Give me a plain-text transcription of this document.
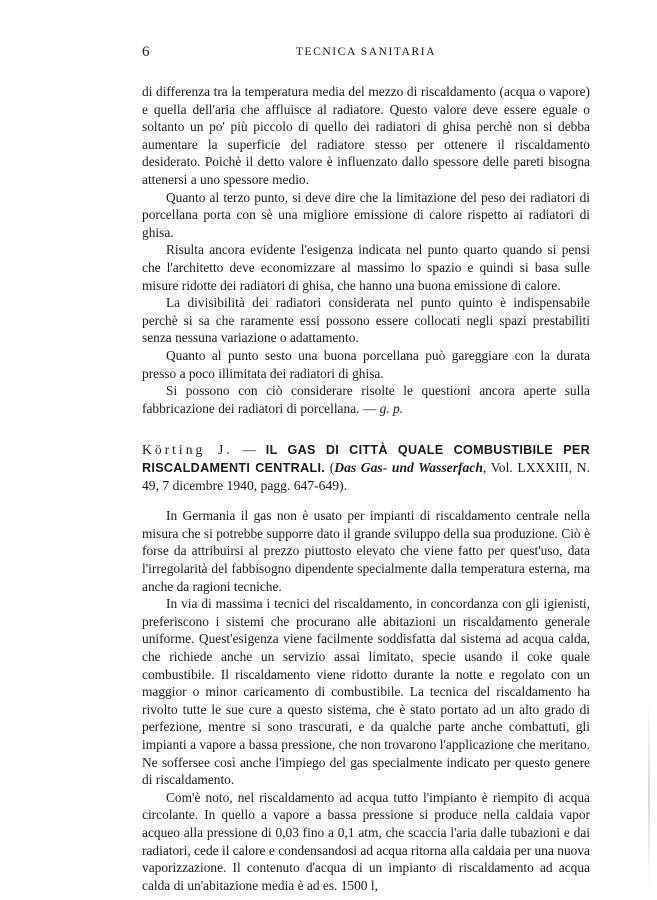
6	TECNICA SANITARIA

di differenza tra la temperatura media del mezzo di riscaldamento (acqua o vapore) e quella dell'aria che affluisce al radiatore. Questo valore deve essere eguale o soltanto un po' più piccolo di quello dei radiatori di ghisa perchè non si debba aumentare la superficie del radiatore stesso per ottenere il riscaldamento desiderato. Poichè il detto valore è influenzato dallo spessore delle pareti bisogna attenersi a uno spessore medio.

Quanto al terzo punto, si deve dire che la limitazione del peso dei radiatori di porcellana porta con sè una migliore emissione di calore rispetto ai radiatori di ghisa.

Risulta ancora evidente l'esigenza indicata nel punto quarto quando si pensi che l'architetto deve economizzare al massimo lo spazio e quindi si basa sulle misure ridotte dei radiatori di ghisa, che hanno una buona emissione di calore.

La divisibilità dei radiatori considerata nel punto quinto è indispensabile perchè si sa che raramente essi possono essere collocati negli spazi prestabiliti senza nessuna variazione o adattamento.

Quanto al punto sesto una buona porcellana può gareggiare con la durata presso a poco illimitata dei radiatori di ghisa.

Si possono con ciò considerare risolte le questioni ancora aperte sulla fabbricazione dei radiatori di porcellana. — g. p.

Körting J. — IL GAS DI CITTÀ QUALE COMBUSTIBILE PER RISCALDAMENTI CENTRALI. (Das Gas- und Wasserfach, Vol. LXXXIII, N. 49, 7 dicembre 1940, pagg. 647-649).

In Germania il gas non è usato per impianti di riscaldamento centrale nella misura che si potrebbe supporre dato il grande sviluppo della sua produzione. Ciò è forse da attribuirsi al prezzo piuttosto elevato che viene fatto per quest'uso, data l'irregolarità del fabbisogno dipendente specialmente dalla temperatura esterna, ma anche da ragioni tecniche.

In via di massima i tecnici del riscaldamento, in concordanza con gli igienisti, preferiscono i sistemi che procurano alle abitazioni un riscaldamento generale uniforme. Quest'esigenza viene facilmente soddisfatta dal sistema ad acqua calda, che richiede anche un servizio assai limitato, specie usando il coke quale combustibile. Il riscaldamento viene ridotto durante la notte e regolato con un maggior o minor caricamento di combustibile. La tecnica del riscaldamento ha rivolto tutte le sue cure a questo sistema, che è stato portato ad un alto grado di perfezione, mentre si sono trascurati, e da qualche parte anche combattuti, gli impianti a vapore a bassa pressione, che non trovarono l'applicazione che meritano. Ne soffersee così anche l'impiego del gas specialmente indicato per questo genere di riscaldamento.

Com'è noto, nel riscaldamento ad acqua tutto l'impianto è riempito di acqua circolante. In quello a vapore a bassa pressione si produce nella caldaia vapor acqueo alla pressione di 0,03 fino a 0,1 atm, che scaccia l'aria dalle tubazioni e dai radiatori, cede il calore e condensandosi ad acqua ritorna alla caldaia per una nuova vaporizzazione. Il contenuto d'acqua di un impianto di riscaldamento ad acqua calda di un'abitazione media è ad es. 1500 l,
